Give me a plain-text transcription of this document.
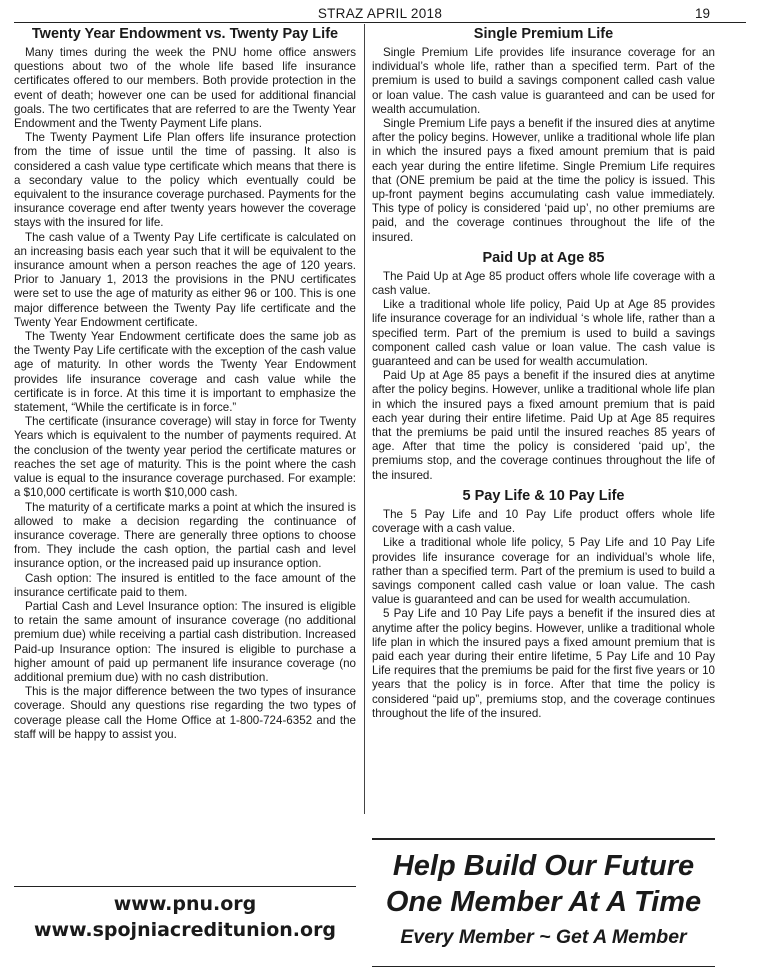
STRAZ APRIL 2018	19
Twenty Year Endowment vs. Twenty Pay Life

Many times during the week the PNU home office answers questions about two of the whole life based life insurance certificates offered to our members. Both provide protection in the event of death; however one can be used for additional financial goals. The two certificates that are referred to are the Twenty Year Endowment and the Twenty Payment Life plans.

The Twenty Payment Life Plan offers life insurance protection from the time of issue until the time of passing. It also is considered a cash value type certificate which means that there is a secondary value to the policy which eventually could be equivalent to the insurance coverage purchased. Payments for the insurance coverage end after twenty years however the coverage stays with the insured for life.

The cash value of a Twenty Pay Life certificate is calculated on an increasing basis each year such that it will be equivalent to the insurance amount when a person reaches the age of 120 years. Prior to January 1, 2013 the provisions in the PNU certificates were set to use the age of maturity as either 96 or 100. This is one major difference between the Twenty Pay life certificate and the Twenty Year Endowment certificate.

The Twenty Year Endowment certificate does the same job as the Twenty Pay Life certificate with the exception of the cash value age of maturity. In other words the Twenty Year Endowment provides life insurance coverage and cash value while the certificate is in force. At this time it is important to emphasize the statement, “While the certificate is in force.”

The certificate (insurance coverage) will stay in force for Twenty Years which is equivalent to the number of payments required. At the conclusion of the twenty year period the certificate matures or reaches the set age of maturity. This is the point where the cash value is equal to the insurance coverage purchased. For example: a $10,000 certificate is worth $10,000 cash.

The maturity of a certificate marks a point at which the insured is allowed to make a decision regarding the continuance of insurance coverage. There are generally three options to choose from. They include the cash option, the partial cash and level insurance option, or the increased paid up insurance option.

Cash option: The insured is entitled to the face amount of the insurance certificate paid to them.

Partial Cash and Level Insurance option: The insured is eligible to retain the same amount of insurance coverage (no additional premium due) while receiving a partial cash distribution. Increased Paid-up Insurance option: The insured is eligible to purchase a higher amount of paid up permanent life insurance coverage (no additional premium due) with no cash distribution.

This is the major difference between the two types of insurance coverage. Should any questions rise regarding the two types of coverage please call the Home Office at 1-800-724-6352 and the staff will be happy to assist you.

Single Premium Life

Single Premium Life provides life insurance coverage for an individual’s whole life, rather than a specified term. Part of the premium is used to build a savings component called cash value or loan value. The cash value is guaranteed and can be used for wealth accumulation.

Single Premium Life pays a benefit if the insured dies at anytime after the policy begins. However, unlike a traditional whole life plan in which the insured pays a fixed amount premium that is paid each year during the entire lifetime. Single Premium Life requires that (ONE premium be paid at the time the policy is issued. This up-front payment begins accumulating cash value immediately. This type of policy is considered ‘paid up’, no other premiums are paid, and the coverage continues throughout the life of the insured.

Paid Up at Age 85

The Paid Up at Age 85 product offers whole life coverage with a cash value.

Like a traditional whole life policy, Paid Up at Age 85 provides life insurance coverage for an individual ‘s whole life, rather than a specified term. Part of the premium is used to build a savings component called cash value or loan value. The cash value is guaranteed and can be used for wealth accumulation.

Paid Up at Age 85 pays a benefit if the insured dies at anytime after the policy begins. However, unlike a traditional whole life plan in which the insured pays a fixed amount premium that is paid each year during their entire lifetime. Paid Up at Age 85 requires that the premiums be paid until the insured reaches 85 years of age. After that time the policy is considered ‘paid up’, the premiums stop, and the coverage continues throughout the life of the insured.

5 Pay Life & 10 Pay Life

The 5 Pay Life and 10 Pay Life product offers whole life coverage with a cash value.

Like a traditional whole life policy, 5 Pay Life and 10 Pay Life provides life insurance coverage for an individual’s whole life, rather than a specified term. Part of the premium is used to build a savings component called cash value or loan value. The cash value is guaranteed and can be used for wealth accumulation.

5 Pay Life and 10 Pay Life pays a benefit if the insured dies at anytime after the policy begins. However, unlike a traditional whole life plan in which the insured pays a fixed amount premium that is paid each year during their entire lifetime, 5 Pay Life and 10 Pay Life requires that the premiums be paid for the first five years or 10 years that the policy is in force. After that time the policy is considered “paid up”, premiums stop, and the coverage continues throughout the life of the insured.

www.pnu.org
www.spojniacreditunion.org
Help Build Our Future
One Member At A Time
Every Member ~ Get A Member
